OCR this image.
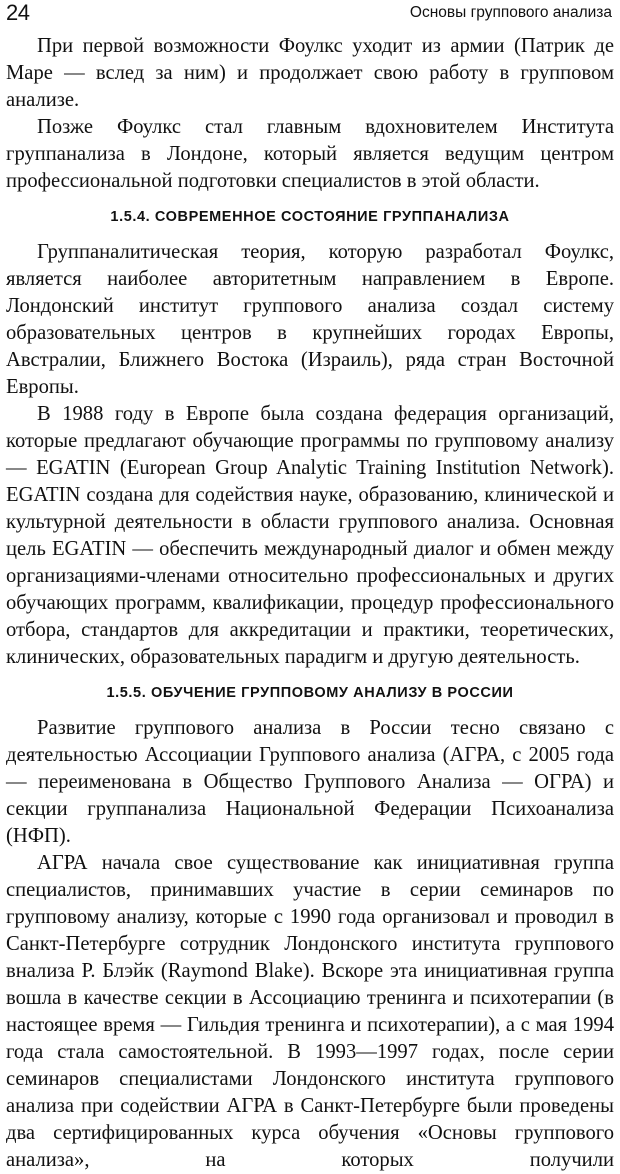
24	Основы группового анализа

При первой возможности Фоулкс уходит из армии (Патрик де Маре — вслед за ним) и продолжает свою работу в групповом анализе.

Позже Фоулкс стал главным вдохновителем Института группанализа в Лондоне, который является ведущим центром профессиональной подготовки специалистов в этой области.

1.5.4. СОВРЕМЕННОЕ СОСТОЯНИЕ ГРУППАНАЛИЗА

Группаналитическая теория, которую разработал Фоулкс, является наиболее авторитетным направлением в Европе. Лондонский институт группового анализа создал систему образовательных центров в крупнейших городах Европы, Австралии, Ближнего Востока (Израиль), ряда стран Восточной Европы.

В 1988 году в Европе была создана федерация организаций, которые предлагают обучающие программы по групповому анализу — EGATIN (European Group Analytic Training Institution Network). EGATIN создана для содействия науке, образованию, клинической и культурной деятельности в области группового анализа. Основная цель EGATIN — обеспечить международный диалог и обмен между организациями-членами относительно профессиональных и других обучающих программ, квалификации, процедур профессионального отбора, стандартов для аккредитации и практики, теоретических, клинических, образовательных парадигм и другую деятельность.

1.5.5. ОБУЧЕНИЕ ГРУППОВОМУ АНАЛИЗУ В РОССИИ

Развитие группового анализа в России тесно связано с деятельностью Ассоциации Группового анализа (АГРА, с 2005 года — переименована в Общество Группового Анализа — ОГРА) и секции группанализа Национальной Федерации Психоанализа (НФП).

АГРА начала свое существование как инициативная группа специалистов, принимавших участие в серии семинаров по групповому анализу, которые с 1990 года организовал и проводил в Санкт-Петербурге сотрудник Лондонского института группового внализа Р. Блэйк (Raymond Blake). Вскоре эта инициативная группа вошла в качестве секции в Ассоциацию тренинга и психотерапии (в настоящее время — Гильдия тренинга и психотерапии), а с мая 1994 года стала самостоятельной. В 1993—1997 годах, после серии семинаров специалистами Лондонского института группового анализа при содействии АГРА в Санкт-Петербурге были проведены два сертифицированных курса обучения «Основы группового анализа», на которых получили
